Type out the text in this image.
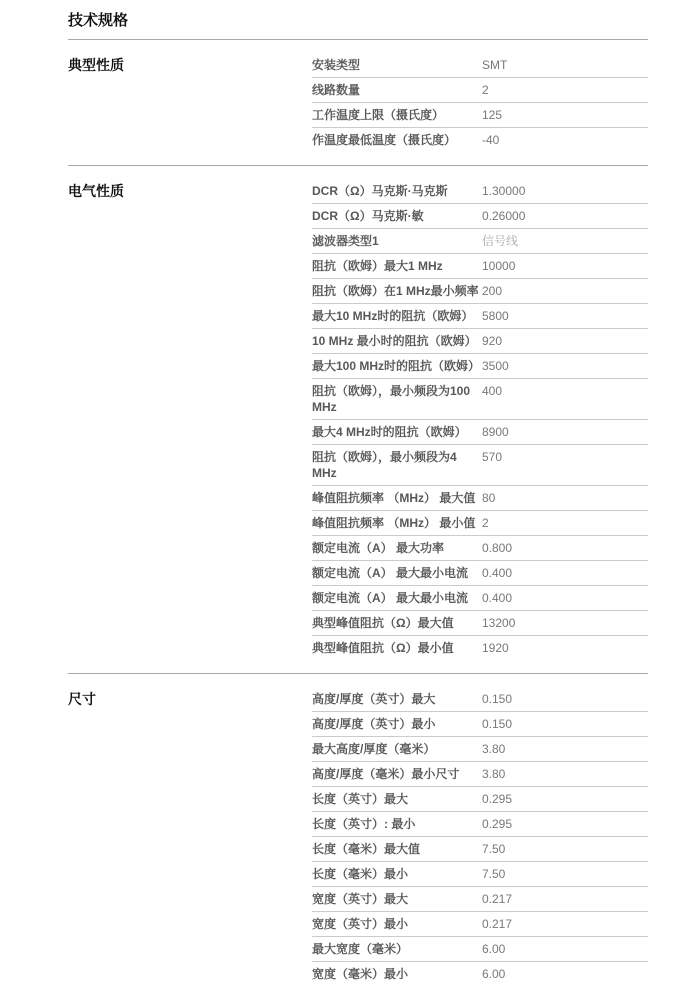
技术规格
典型性质	安装类型	SMT
线路数量	2
工作温度上限（摄氏度）	125
作温度最低温度（摄氏度）	-40
电气性质	DCR（Ω）马克斯·马克斯	1.30000
DCR（Ω）马克斯·敏	0.26000
滤波器类型1	信号线
阻抗（欧姆）最大1 MHz	10000
阻抗（欧姆）在1 MHz最小频率 200
最大10 MHz时的阻抗（欧姆） 5800
10 MHz 最小时的阻抗（欧姆） 920
最大100 MHz时的阻抗（欧姆） 3500
阻抗（欧姆），最小频段为100 MHz
400
最大4 MHz时的阻抗（欧姆）	8900
阻抗（欧姆），最小频段为4 MHz
570
峰值阻抗频率 （MHz） 最大值 80
峰值阻抗频率 （MHz） 最小值 2
额定电流（A） 最大功率	0.800
额定电流（A） 最大最小电流	0.400
额定电流（A） 最大最小电流	0.400
典型峰值阻抗（Ω）最大值	13200
典型峰值阻抗（Ω）最小值	1920
尺寸	高度/厚度（英寸）最大	0.150
高度/厚度（英寸）最小	0.150
最大高度/厚度（毫米）	3.80
高度/厚度（毫米）最小尺寸	3.80
长度（英寸）最大	0.295
长度（英寸）: 最小	0.295
长度（毫米）最大值	7.50
长度（毫米）最小	7.50
宽度（英寸）最大	0.217
宽度（英寸）最小	0.217
最大宽度（毫米）	6.00
宽度（毫米）最小	6.00
